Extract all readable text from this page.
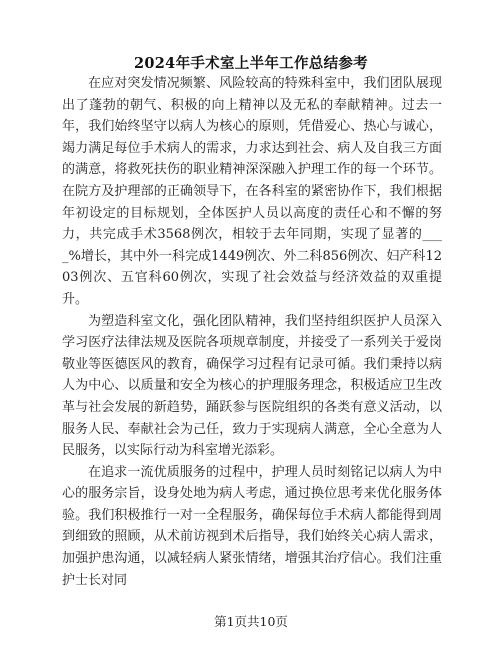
2024年手术室上半年工作总结参考

在应对突发情况频繁、风险较高的特殊科室中，我们团队展现出了蓬勃的朝气、积极的向上精神以及无私的奉献精神。过去一年，我们始终坚守以病人为核心的原则，凭借爱心、热心与诚心，竭力满足每位手术病人的需求，力求达到社会、病人及自我三方面的满意，将救死扶伤的职业精神深深融入护理工作的每一个环节。在院方及护理部的正确领导下，在各科室的紧密协作下，我们根据年初设定的目标规划，全体医护人员以高度的责任心和不懈的努力，共完成手术3568例次，相较于去年同期，实现了显著的____%增长，其中外一科完成1449例次、外二科856例次、妇产科1203例次、五官科60例次，实现了社会效益与经济效益的双重提升。

为塑造科室文化，强化团队精神，我们坚持组织医护人员深入学习医疗法律法规及医院各项规章制度，并接受了一系列关于爱岗敬业等医德医风的教育，确保学习过程有记录可循。我们秉持以病人为中心、以质量和安全为核心的护理服务理念，积极适应卫生改革与社会发展的新趋势，踊跃参与医院组织的各类有意义活动，以服务人民、奉献社会为己任，致力于实现病人满意，全心全意为人民服务，以实际行动为科室增光添彩。

在追求一流优质服务的过程中，护理人员时刻铭记以病人为中心的服务宗旨，设身处地为病人考虑，通过换位思考来优化服务体验。我们积极推行一对一全程服务，确保每位手术病人都能得到周到细致的照顾，从术前访视到术后指导，我们始终关心病人需求，加强护患沟通，以减轻病人紧张情绪，增强其治疗信心。我们注重护士长对同

第1页共10页
